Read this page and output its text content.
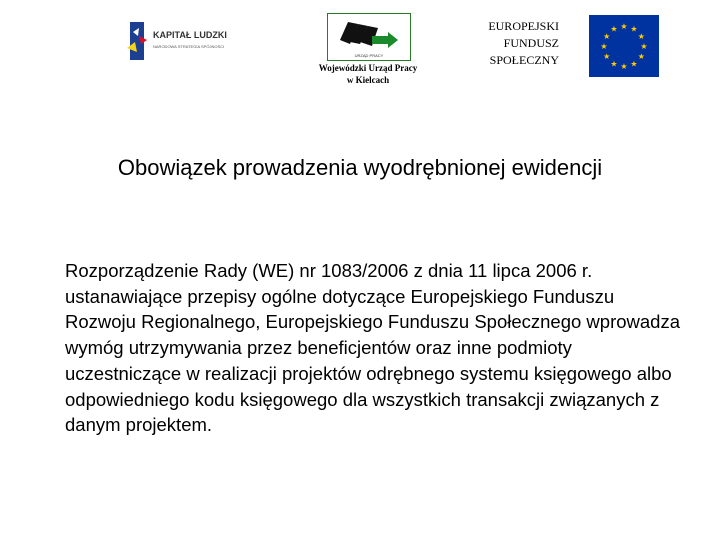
KAPITAŁ LUDZKI
NARODOWA STRATEGIA SPÓJNOŚCI
URZĄD PRACY
Wojewódzki Urząd Pracy
w Kielcach
EUROPEJSKI
FUNDUSZ
SPOŁECZNY
★
★
★
★
★
★
★
★
★ ★ ★
★
Obowiązek prowadzenia wyodrębnionej ewidencji
Rozporządzenie Rady (WE) nr 1083/2006 z dnia 11 lipca 2006 r. ustanawiające przepisy ogólne dotyczące Europejskiego Funduszu Rozwoju Regionalnego, Europejskiego Funduszu Społecznego wprowadza wymóg utrzymywania przez beneficjentów oraz inne podmioty uczestniczące w realizacji projektów odrębnego systemu księgowego albo odpowiedniego kodu księgowego dla wszystkich transakcji związanych z danym projektem.
